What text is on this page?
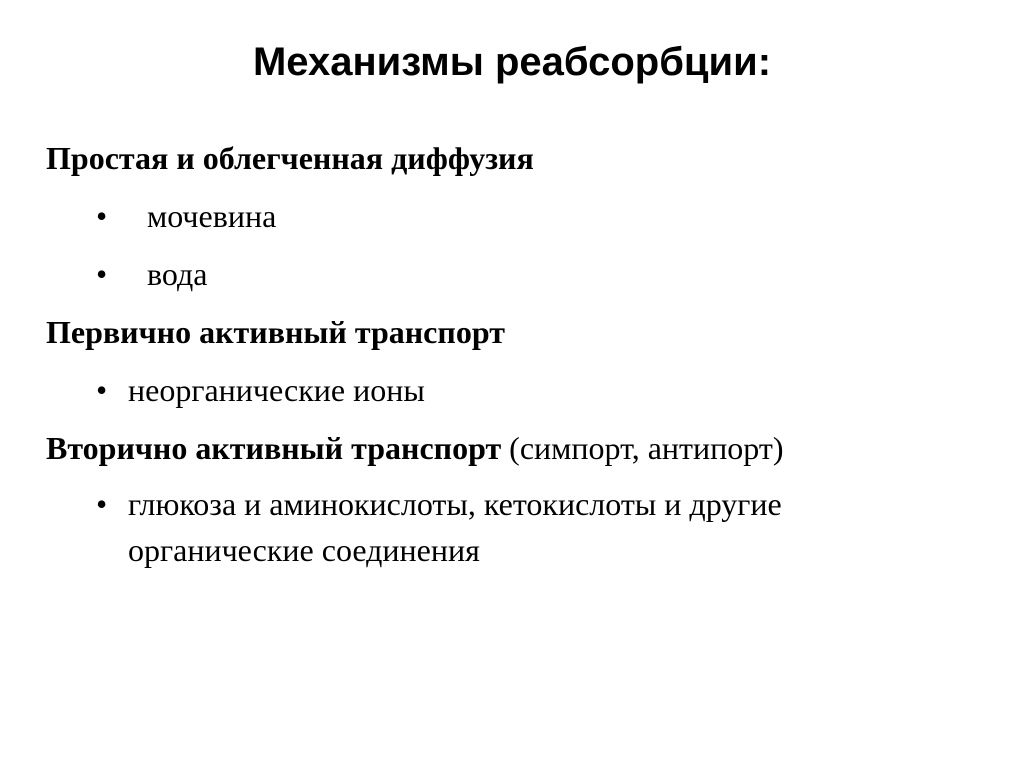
Механизмы реабсорбции:
Простая и облегченная диффузия
• мочевина
• вода
Первично активный транспорт
• неорганические ионы
Вторично активный транспорт (симпорт, антипорт)
• глюкоза и аминокислоты, кетокислоты и другие
органические соединения
